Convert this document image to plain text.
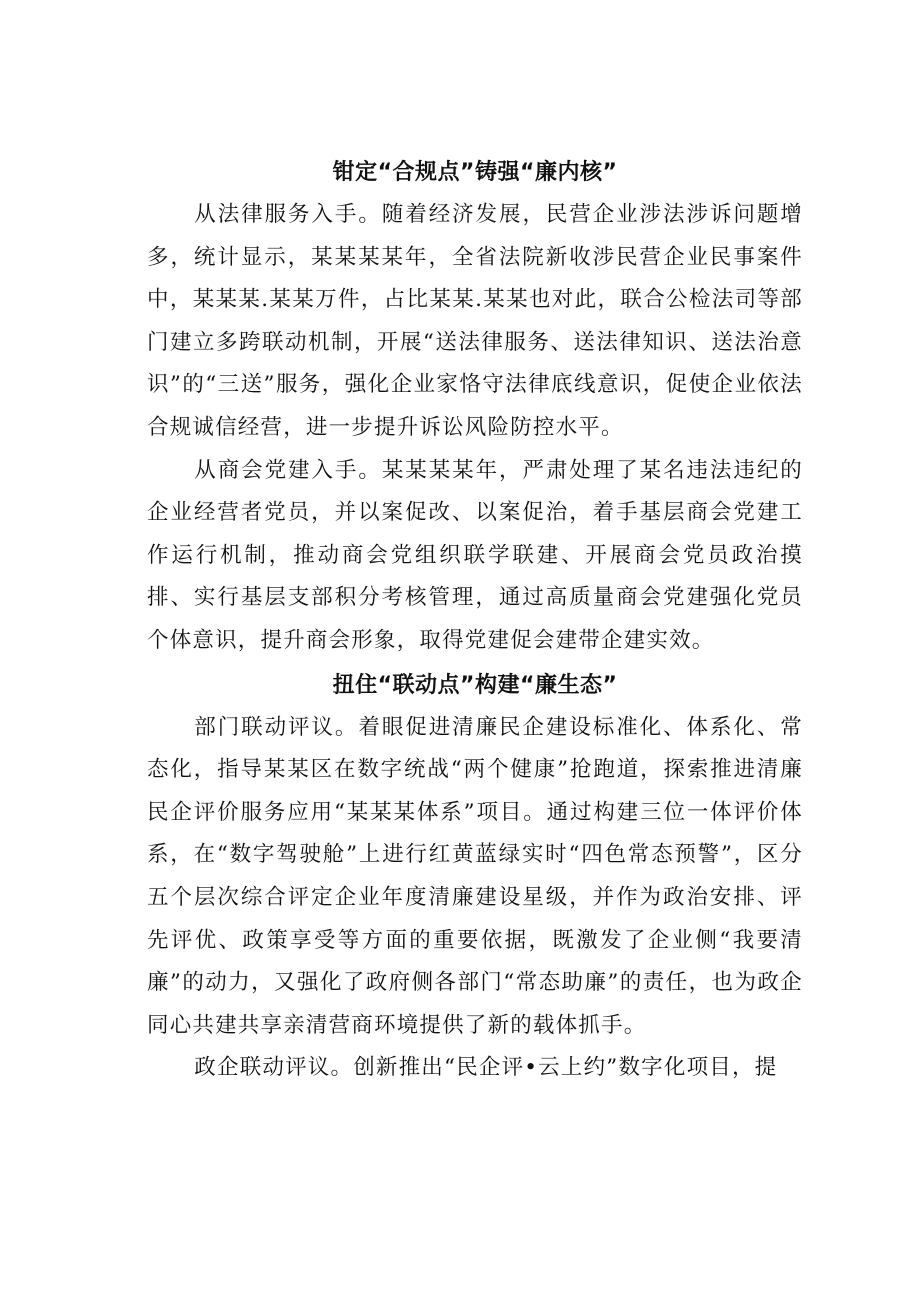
钳定“合规点”铸强“廉内核”

从法律服务入手。随着经济发展，民营企业涉法涉诉问题增多，统计显示，某某某某年，全省法院新收涉民营企业民事案件中，某某某.某某万件，占比某某.某某也对此，联合公检法司等部门建立多跨联动机制，开展“送法律服务、送法律知识、送法治意识”的“三送”服务，强化企业家恪守法律底线意识，促使企业依法合规诚信经营，进一步提升诉讼风险防控水平。

从商会党建入手。某某某某年，严肃处理了某名违法违纪的企业经营者党员，并以案促改、以案促治，着手基层商会党建工作运行机制，推动商会党组织联学联建、开展商会党员政治摸排、实行基层支部积分考核管理，通过高质量商会党建强化党员个体意识，提升商会形象，取得党建促会建带企建实效。

扭住“联动点”构建“廉生态”

部门联动评议。着眼促进清廉民企建设标准化、体系化、常态化，指导某某区在数字统战“两个健康”抢跑道，探索推进清廉民企评价服务应用“某某某体系”项目。通过构建三位一体评价体系，在“数字驾驶舱”上进行红黄蓝绿实时“四色常态预警”，区分五个层次综合评定企业年度清廉建设星级，并作为政治安排、评先评优、政策享受等方面的重要依据，既激发了企业侧“我要清廉”的动力，又强化了政府侧各部门“常态助廉”的责任，也为政企同心共建共享亲清营商环境提供了新的载体抓手。

政企联动评议。创新推出“民企评•云上约”数字化项目，提
